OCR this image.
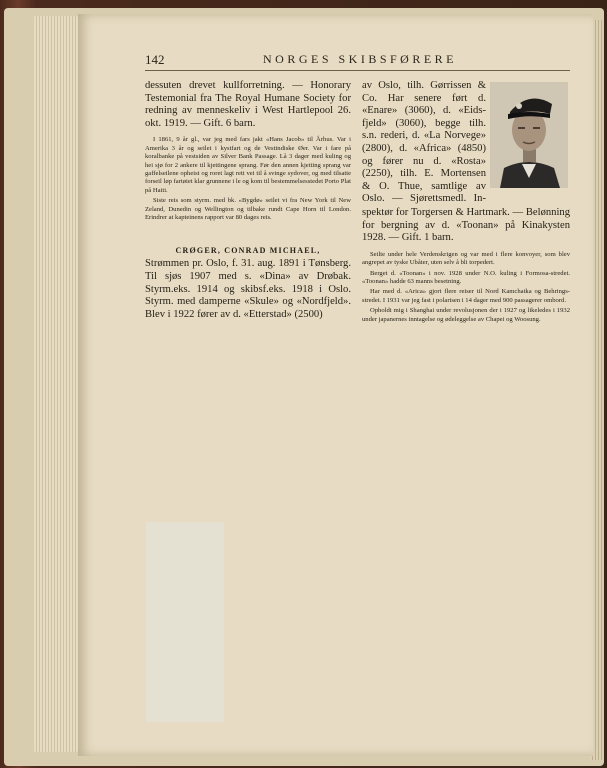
142	NORGES SKIBSFØRERE

dessuten drevet kullforretning. — Honorary Testemonial fra The Royal Humane Society for redning av menneskeliv i West Hartlepool 26. okt. 1919. — Gift. 6 barn.

I 1861, 9 år gl., var jeg med fars jakt «Hans Jacob» til Århus. Var i Amerika 3 år og seilet i kystfart og de Vestindiske Øer. Var i fare på koralbanke på vestsiden av Silver Bank Passage. Lå 3 dager med kuling og hei sjø for 2 ankere til kjettingene sprang. Før den annen kjetting sprang var gaffelseilene opheist og roret lagt rett vei til å svinge sydover, og med tilsatte forseil løp fartøiet klar grunnene i le og kom til bestemmelsesstedet Porto Plat på Haiti.

Siste reis som styrm. med bk. «Bygdø» seilet vi fra New York til New Zeland, Dunedin og Wellington og tilbake rundt Cape Horn til London. Erindrer at kapteinens rapport var 80 dages reis.

CRØGER, CONRAD MICHAEL,

Strømmen pr. Oslo, f. 31. aug. 1891 i Tønsberg. Til sjøs 1907 med s. «Dina» av Drøbak. Styrm.eks. 1914 og skibsf.eks. 1918 i Oslo. Styrm. med damperne «Skule» og «Nordfjeld». Blev i 1922 fører av d. «Etterstad» (2500)

av Oslo, tilh. Gørrissen &
Co. Har senere ført d.
«Enare» (3060), d. «Eids-
fjeld» (3060), begge tilh.
s.n. rederi, d. «La Norvege»
(2800), d. «Africa» (4850)
og fører nu d. «Rosta»
(2250), tilh. E. Mortensen
& O. Thue, samtlige av
Oslo. — Sjørettsmedl. In-

spektør for Torgersen & Hartmark. — Belønning for bergning av d. «Toonan» på Kinakysten 1928. — Gift. 1 barn.

Seilte under hele Verdenskrigen og var med i flere konvoyer, som blev angrepet av tyske Ubåter, uten selv å bli torpedert.

Berget d. «Toonan» i nov. 1928 under N.O. kuling i Formosa-stredet. «Toonan» hadde 63 manns besetning.

Har med d. «Arica» gjort flere reiser til Nord Kamchatka og Behrings-stredet. I 1931 var jeg fast i polarisen i 14 dager med 900 passagerer ombord.

Opholdt mig i Shanghai under revolusjonen der i 1927 og likeledes i 1932 under japanernes inntagelse og ødeleggelse av Chapei og Woosung.
